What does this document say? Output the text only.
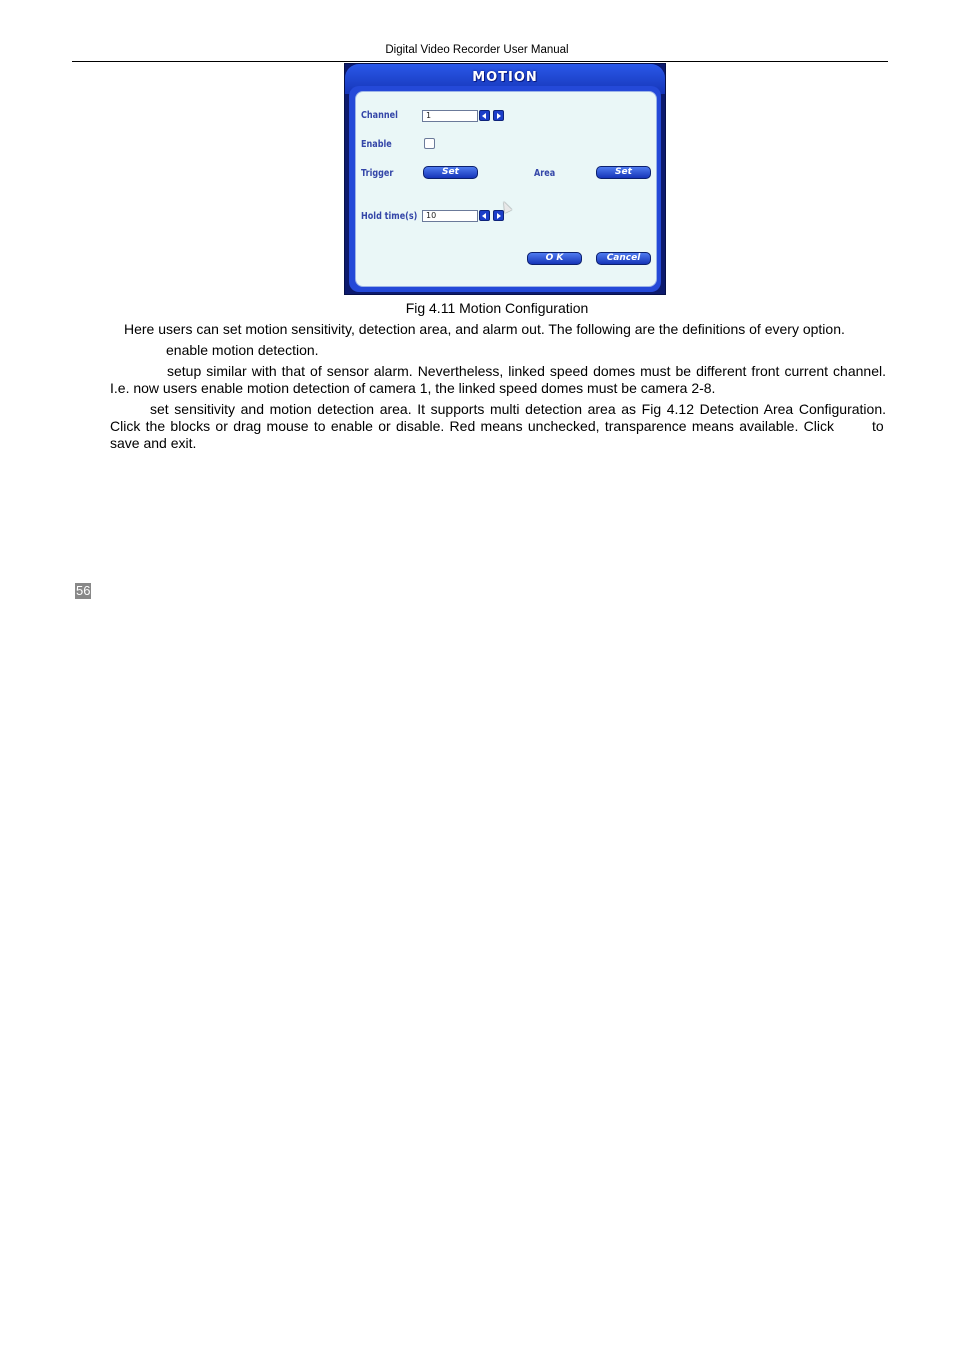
Digital Video Recorder User Manual
MOTION
Channel	1
Enable
Trigger	Set	Area	Set
Hold time(s)	10
O K	Cancel
Fig 4.11 Motion Configuration
Here users can set motion sensitivity, detection area, and alarm out. The following are the definitions of every option.
enable motion detection.
setup similar with that of sensor alarm. Nevertheless, linked speed domes must be different front current channel.
I.e. now users enable motion detection of camera 1, the linked speed domes must be camera 2-8.
set sensitivity and motion detection area. It supports multi detection area as Fig 4.12 Detection Area Configuration.
Click the blocks or drag mouse to enable or disable. Red means unchecked, transparence means available. Click	to
save and exit.
56
